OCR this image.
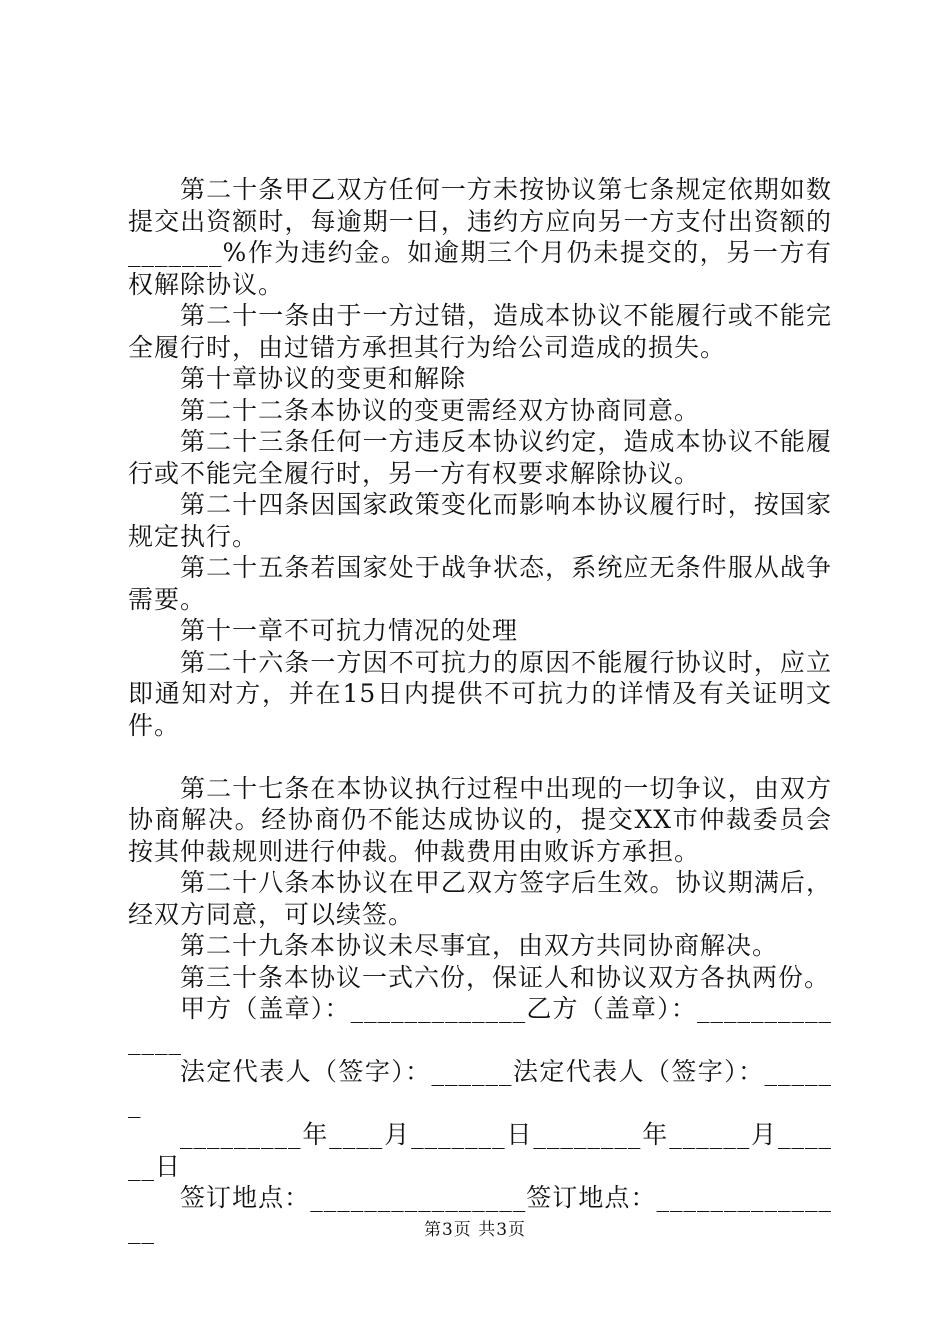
第二十条甲乙双方任何一方未按协议第七条规定依期如数提交出资额时，每逾期一日，违约方应向另一方支付出资额的_______%作为违约金。如逾期三个月仍未提交的，另一方有权解除协议。

第二十一条由于一方过错，造成本协议不能履行或不能完全履行时，由过错方承担其行为给公司造成的损失。

第十章协议的变更和解除

第二十二条本协议的变更需经双方协商同意。

第二十三条任何一方违反本协议约定，造成本协议不能履行或不能完全履行时，另一方有权要求解除协议。

第二十四条因国家政策变化而影响本协议履行时，按国家规定执行。

第二十五条若国家处于战争状态，系统应无条件服从战争需要。

第十一章不可抗力情况的处理

第二十六条一方因不可抗力的原因不能履行协议时，应立即通知对方，并在15日内提供不可抗力的详情及有关证明文件。

第二十七条在本协议执行过程中出现的一切争议，由双方协商解决。经协商仍不能达成协议的，提交XX市仲裁委员会按其仲裁规则进行仲裁。仲裁费用由败诉方承担。

第二十八条本协议在甲乙双方签字后生效。协议期满后，经双方同意，可以续签。

第二十九条本协议未尽事宜，由双方共同协商解决。

第三十条本协议一式六份，保证人和协议双方各执两份。

甲方（盖章）：_____________乙方（盖章）：______________

法定代表人（签字）：______法定代表人（签字）：______

_________年____月_______日________年______月______日

签订地点：________________签订地点：_______________	第3页 共3页
